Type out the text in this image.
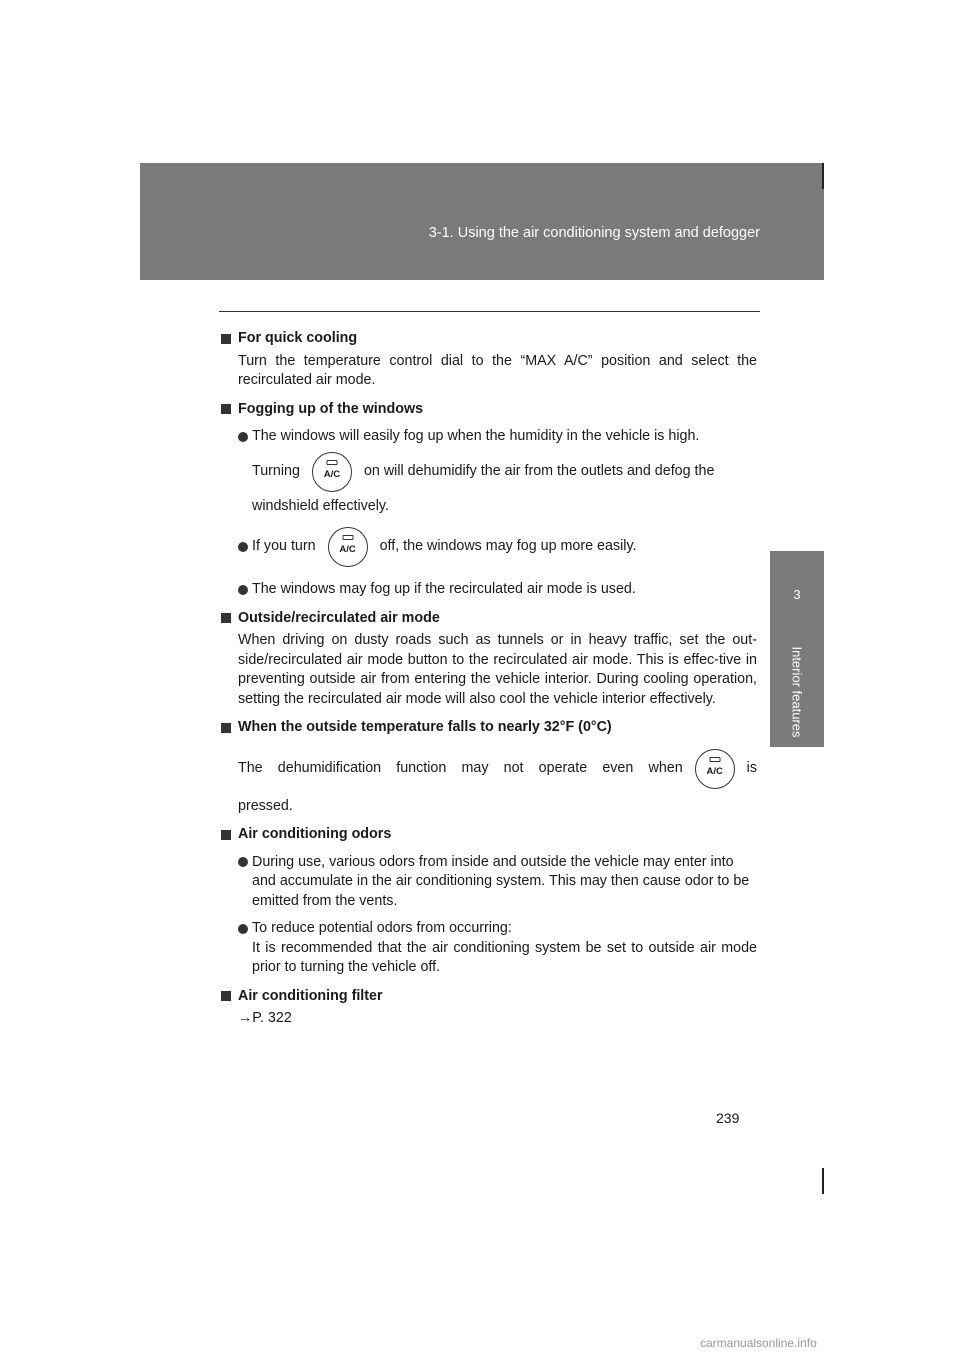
3-1. Using the air conditioning system and defogger
3
Interior features
For quick cooling
Turn the temperature control dial to the “MAX A/C” position and select the recirculated air mode.
Fogging up of the windows
The windows will easily fog up when the humidity in the vehicle is high.
Turning	A/C on will dehumidify the air from the outlets and defog the
windshield effectively.
If you turn	A/C off, the windows may fog up more easily.
The windows may fog up if the recirculated air mode is used.
Outside/recirculated air mode
When driving on dusty roads such as tunnels or in heavy traffic, set the out-side/recirculated air mode button to the recirculated air mode. This is effec-tive in preventing outside air from entering the vehicle interior. During cooling operation, setting the recirculated air mode will also cool the vehicle interior effectively.
When the outside temperature falls to nearly 32°F (0°C)
The dehumidification function may not operate even when	A/C is
pressed.
Air conditioning odors
During use, various odors from inside and outside the vehicle may enter into and accumulate in the air conditioning system. This may then cause odor to be emitted from the vents.
To reduce potential odors from occurring:
It is recommended that the air conditioning system be set to outside air mode prior to turning the vehicle off.
Air conditioning filter
→P. 322
239
carmanualsonline.info
